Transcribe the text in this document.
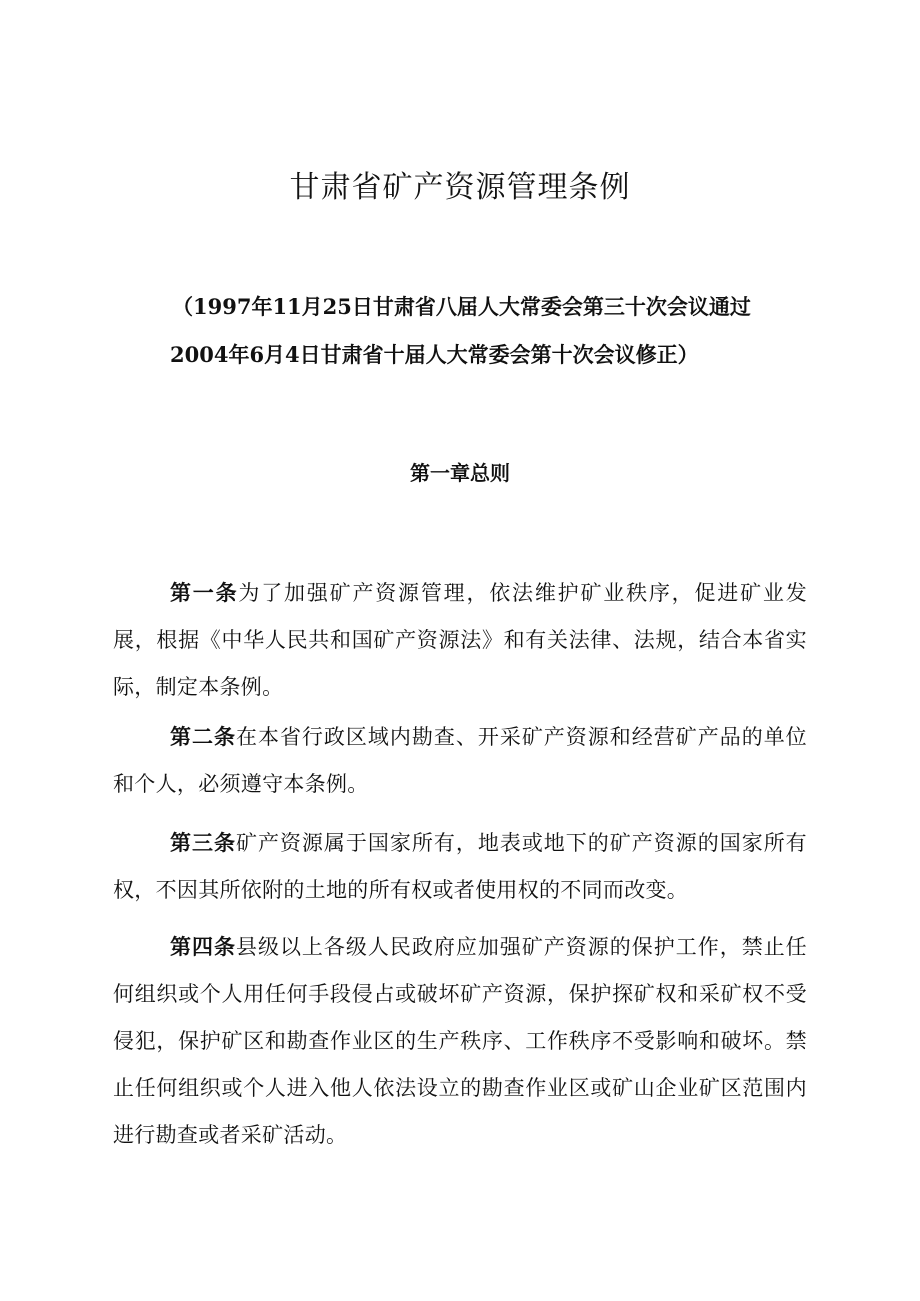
甘肃省矿产资源管理条例

（1997年11月25日甘肃省八届人大常委会第三十次会议通过

2004年6月4日甘肃省十届人大常委会第十次会议修正）

第一章总则

第一条为了加强矿产资源管理，依法维护矿业秩序，促进矿业发展，根据《中华人民共和国矿产资源法》和有关法律、法规，结合本省实际，制定本条例。

第二条在本省行政区域内勘查、开采矿产资源和经营矿产品的单位和个人，必须遵守本条例。

第三条矿产资源属于国家所有，地表或地下的矿产资源的国家所有权，不因其所依附的土地的所有权或者使用权的不同而改变。

第四条县级以上各级人民政府应加强矿产资源的保护工作，禁止任何组织或个人用任何手段侵占或破坏矿产资源，保护探矿权和采矿权不受侵犯，保护矿区和勘查作业区的生产秩序、工作秩序不受影响和破坏。禁止任何组织或个人进入他人依法设立的勘查作业区或矿山企业矿区范围内进行勘查或者采矿活动。
